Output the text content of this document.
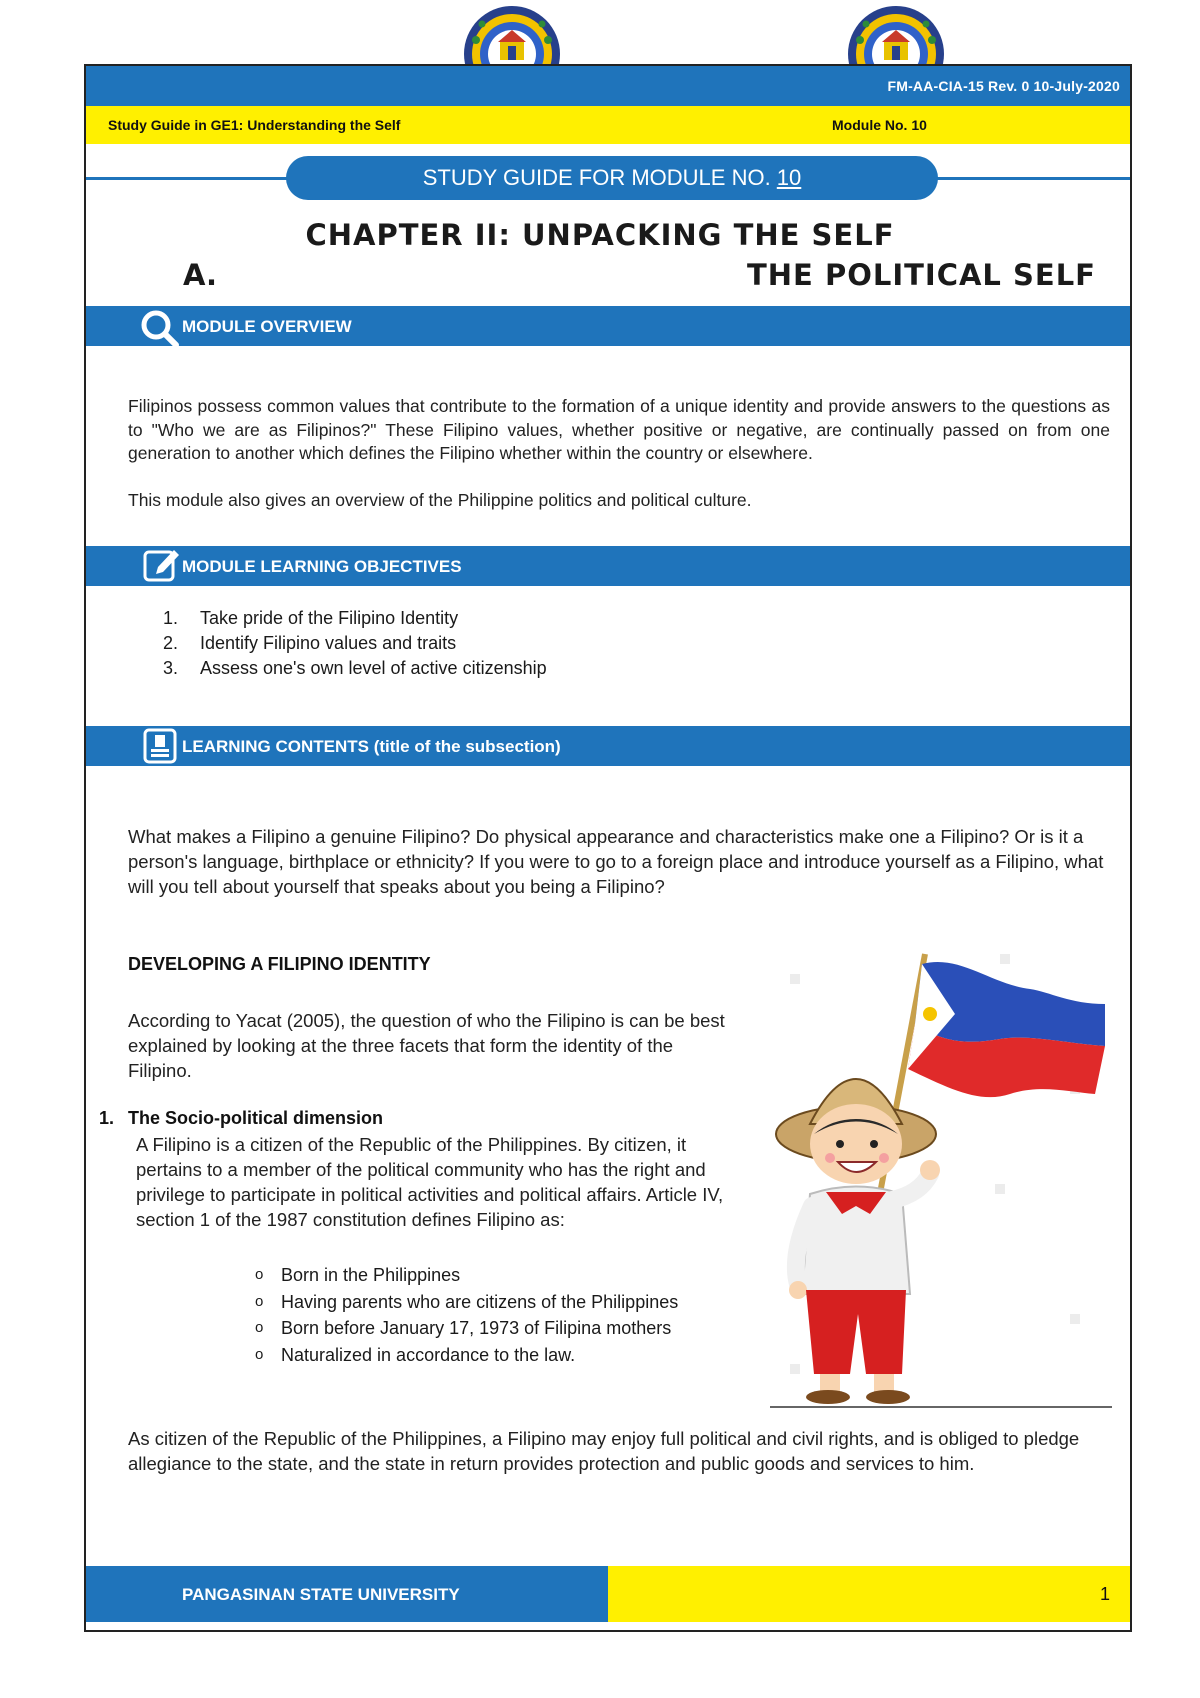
FM-AA-CIA-15 Rev. 0 10-July-2020
Study Guide in GE1: Understanding the Self	Module No. 10
STUDY GUIDE FOR MODULE NO. 10
CHAPTER II: UNPACKING THE SELF
A.	THE POLITICAL SELF
MODULE OVERVIEW
Filipinos possess common values that contribute to the formation of a unique identity and provide answers to the questions as to "Who we are as Filipinos?" These Filipino values, whether positive or negative, are continually passed on from one generation to another which defines the Filipino whether within the country or elsewhere.
This module also gives an overview of the Philippine politics and political culture.
MODULE LEARNING OBJECTIVES
1. Take pride of the Filipino Identity
2. Identify Filipino values and traits
3. Assess one's own level of active citizenship
LEARNING CONTENTS (title of the subsection)
What makes a Filipino a genuine Filipino? Do physical appearance and characteristics make one a Filipino? Or is it a person's language, birthplace or ethnicity? If you were to go to a foreign place and introduce yourself as a Filipino, what will you tell about yourself that speaks about you being a Filipino?
DEVELOPING A FILIPINO IDENTITY
According to Yacat (2005), the question of who the Filipino is can be best explained by looking at the three facets that form the identity of the Filipino.
1. The Socio-political dimension
A Filipino is a citizen of the Republic of the Philippines. By citizen, it pertains to a member of the political community who has the right and privilege to participate in political activities and political affairs. Article IV, section 1 of the 1987 constitution defines Filipino as:
o Born in the Philippines
o Having parents who are citizens of the Philippines
o Born before January 17, 1973 of Filipina mothers
o Naturalized in accordance to the law.
As citizen of the Republic of the Philippines, a Filipino may enjoy full political and civil rights, and is obliged to pledge allegiance to the state, and the state in return provides protection and public goods and services to him.
PANGASINAN STATE UNIVERSITY	1
